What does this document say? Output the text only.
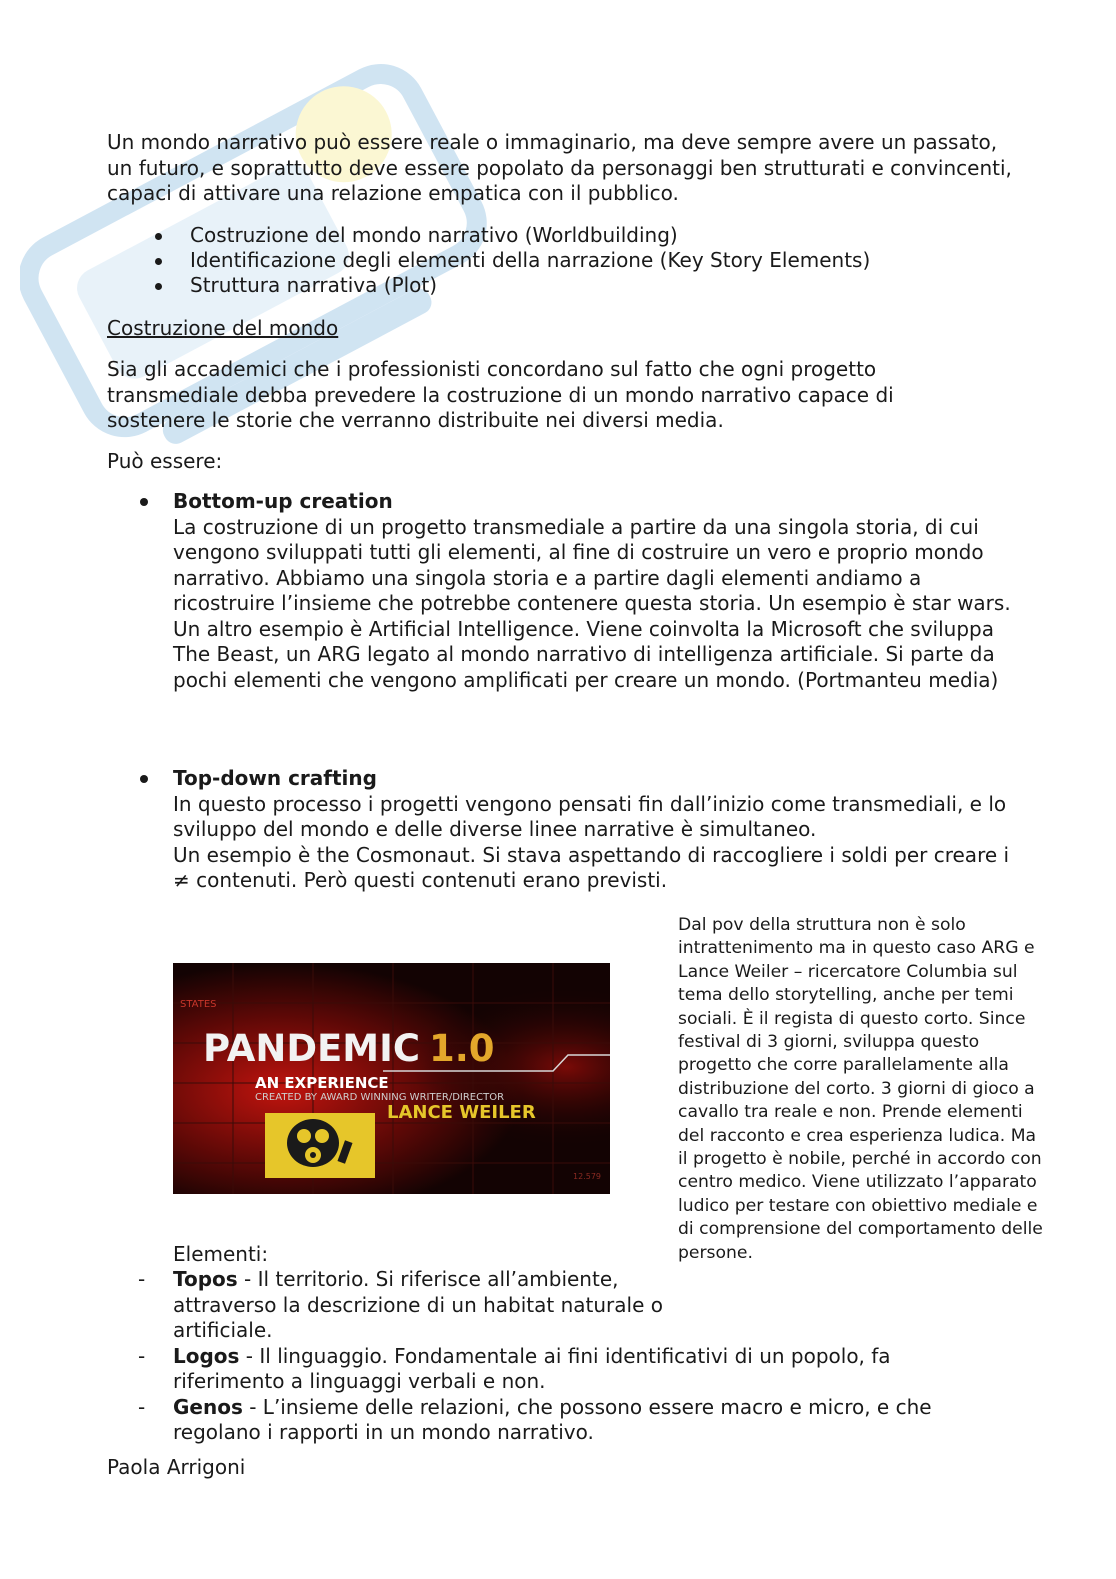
Un mondo narrativo può essere reale o immaginario, ma deve sempre avere un passato, un futuro, e soprattutto deve essere popolato da personaggi ben strutturati e convincenti, capaci di attivare una relazione empatica con il pubblico.

Costruzione del mondo narrativo (Worldbuilding)
Identificazione degli elementi della narrazione (Key Story Elements)
Struttura narrativa (Plot)

Costruzione del mondo

Sia gli accademici che i professionisti concordano sul fatto che ogni progetto transmediale debba prevedere la costruzione di un mondo narrativo capace di sostenere le storie che verranno distribuite nei diversi media.

Può essere:

Bottom-up creation

La costruzione di un progetto transmediale a partire da una singola storia, di cui vengono sviluppati tutti gli elementi, al fine di costruire un vero e proprio mondo narrativo. Abbiamo una singola storia e a partire dagli elementi andiamo a ricostruire l’insieme che potrebbe contenere questa storia. Un esempio è star wars.

Un altro esempio è Artificial Intelligence. Viene coinvolta la Microsoft che sviluppa The Beast, un ARG legato al mondo narrativo di intelligenza artificiale. Si parte da pochi elementi che vengono amplificati per creare un mondo. (Portmanteu media)

Top-down crafting

In questo processo i progetti vengono pensati fin dall’inizio come transmediali, e lo sviluppo del mondo e delle diverse linee narrative è simultaneo.

Un esempio è the Cosmonaut. Si stava aspettando di raccogliere i soldi per creare i ≠ contenuti. Però questi contenuti erano previsti.

Dal pov della struttura non è solo intrattenimento ma in questo caso ARG e Lance Weiler – ricercatore Columbia sul tema dello storytelling, anche per temi sociali. È il regista di questo corto. Since festival di 3 giorni, sviluppa questo progetto che corre parallelamente alla distribuzione del corto. 3 giorni di gioco a cavallo tra reale e non. Prende elementi del racconto e crea esperienza ludica. Ma il progetto è nobile, perché in accordo con centro medico. Viene utilizzato l’apparato ludico per testare con obiettivo mediale e di comprensione del comportamento delle persone.

STATES
PANDEMIC 1.0
AN EXPERIENCE
CREATED BY AWARD WINNING WRITER/DIRECTOR
LANCE WEILER
12.579

Elementi:

- Topos - Il territorio. Si riferisce all’ambiente, attraverso la descrizione di un habitat naturale o artificiale.
- Logos - Il linguaggio. Fondamentale ai fini identificativi di un popolo, fa riferimento a linguaggi verbali e non.
- Genos - L’insieme delle relazioni, che possono essere macro e micro, e che regolano i rapporti in un mondo narrativo.

Paola Arrigoni
